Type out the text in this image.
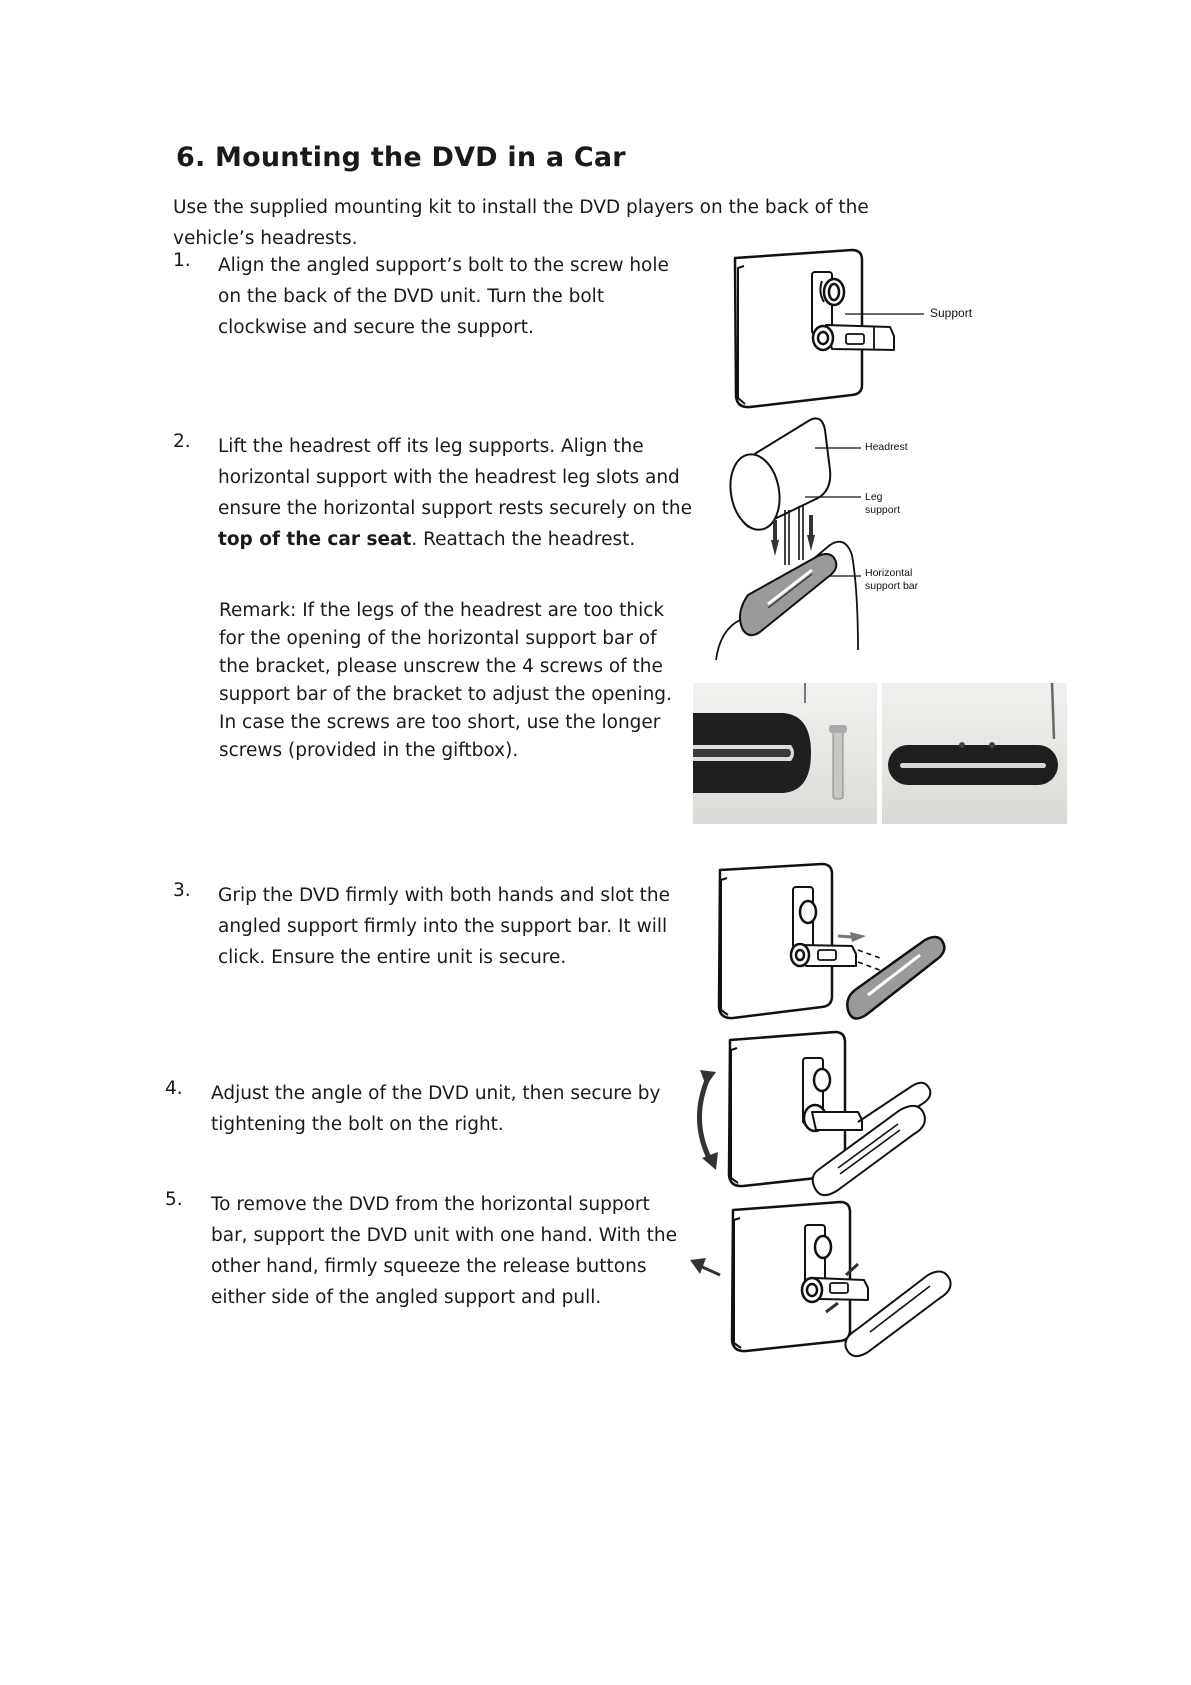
6. Mounting the DVD in a Car
Use the supplied mounting kit to install the DVD players on the back of the vehicle’s headrests.
1. Align the angled support’s bolt to the screw hole on the back of the DVD unit. Turn the bolt clockwise and secure the support.
2. Lift the headrest off its leg supports. Align the horizontal support with the headrest leg slots and ensure the horizontal support rests securely on the top of the car seat. Reattach the headrest.
Remark: If the legs of the headrest are too thick for the opening of the horizontal support bar of the bracket, please unscrew the 4 screws of the support bar of the bracket to adjust the opening. In case the screws are too short, use the longer screws (provided in the giftbox).
3. Grip the DVD firmly with both hands and slot the angled support firmly into the support bar. It will click. Ensure the entire unit is secure.
4. Adjust the angle of the DVD unit, then secure by tightening the bolt on the right.
5. To remove the DVD from the horizontal support bar, support the DVD unit with one hand. With the other hand, firmly squeeze the release buttons either side of the angled support and pull.
Support
Headrest
Leg support
Horizontal support bar
